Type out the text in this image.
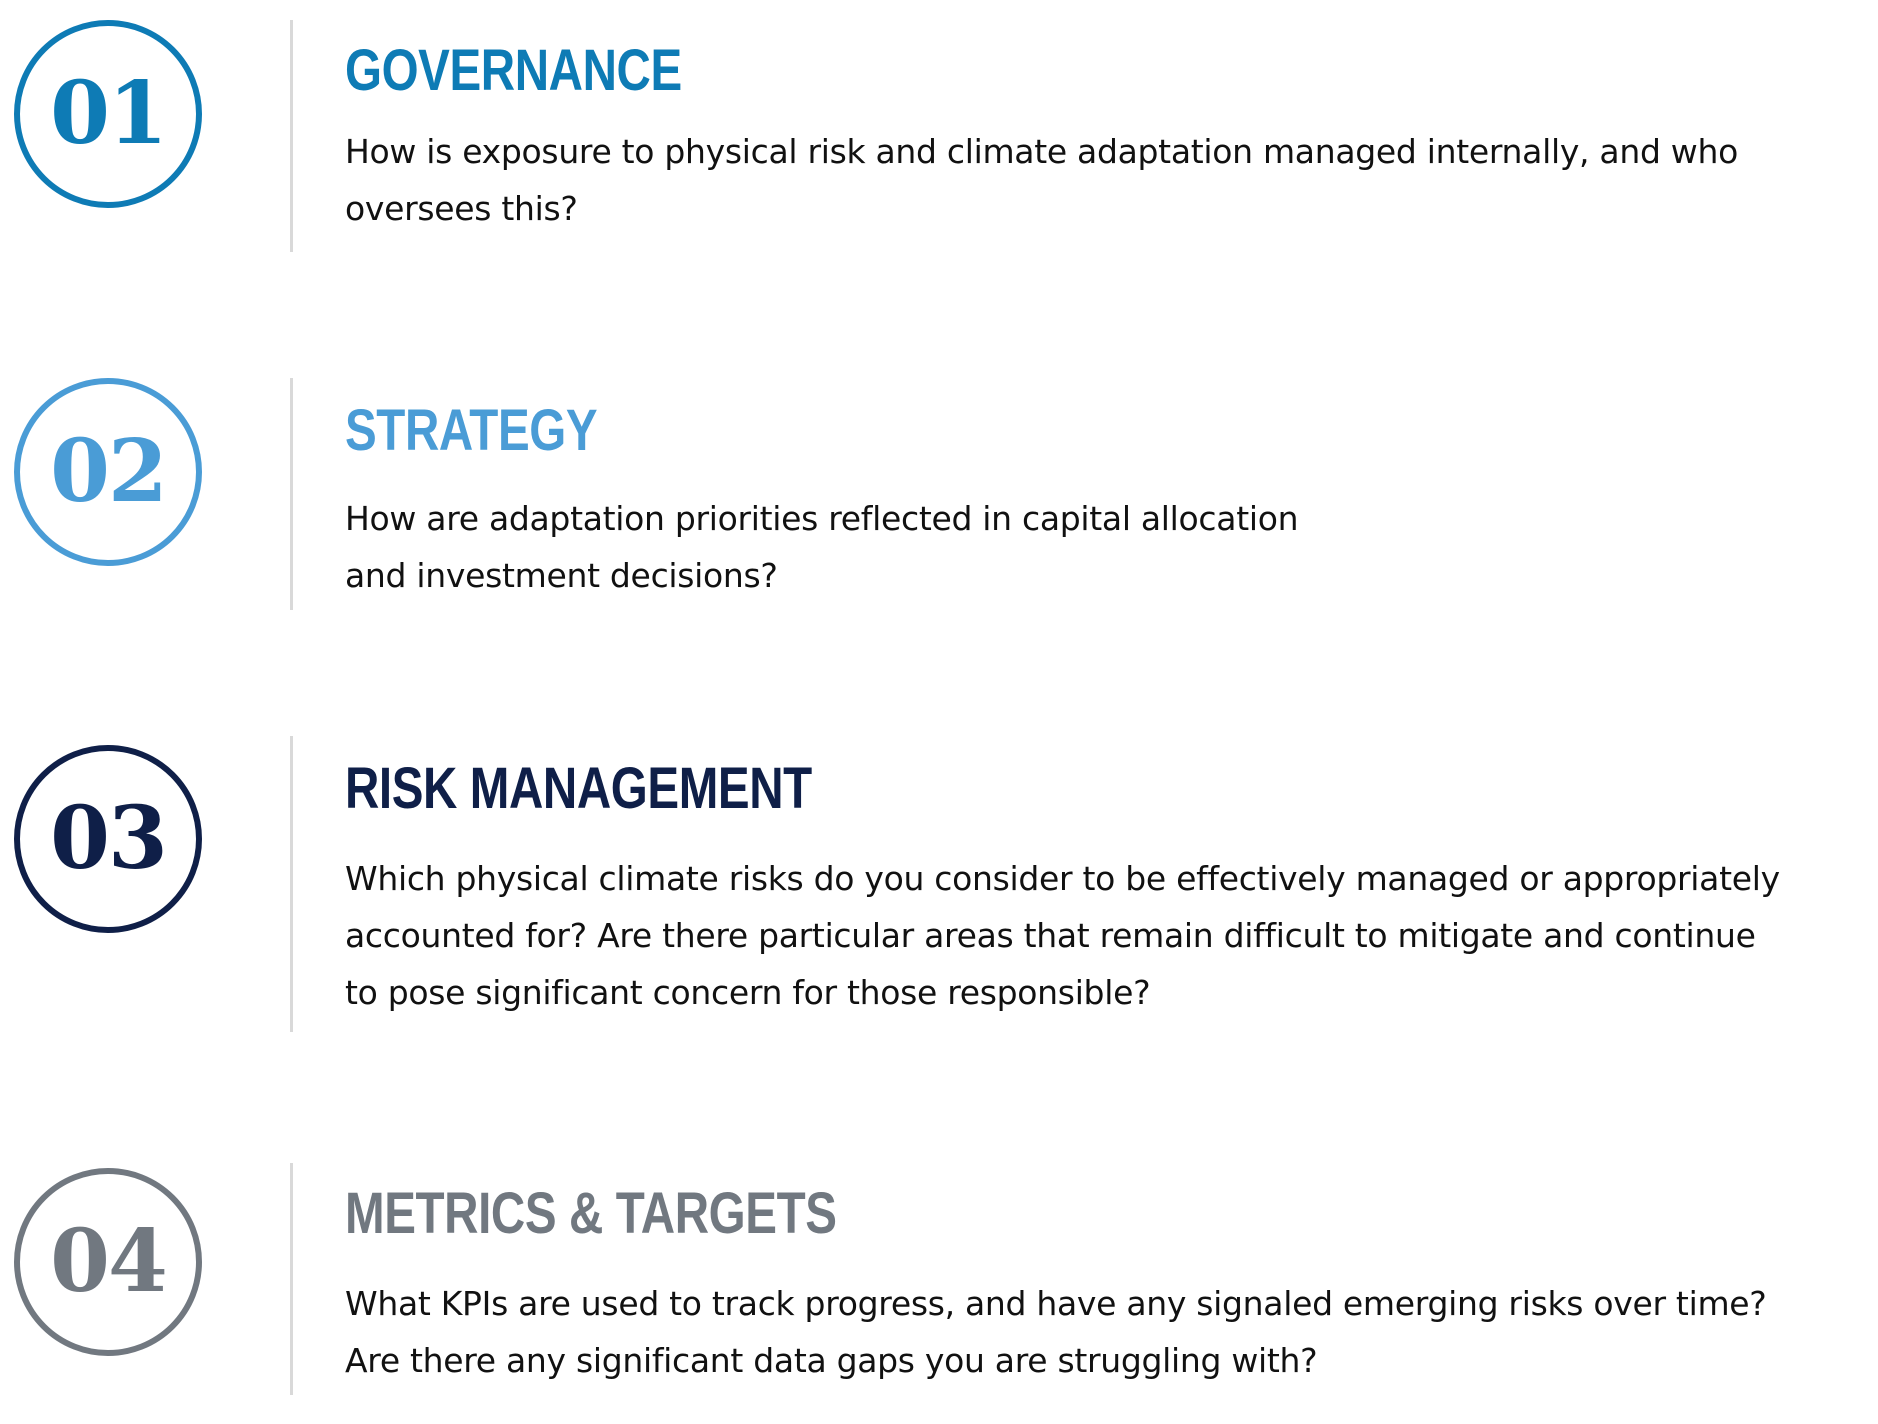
01	GOVERNANCE

How is exposure to physical risk and climate adaptation managed internally, and who
oversees this?

02	STRATEGY

How are adaptation priorities reflected in capital allocation
and investment decisions?

03	RISK MANAGEMENT

Which physical climate risks do you consider to be effectively managed or appropriately
accounted for? Are there particular areas that remain difficult to mitigate and continue
to pose significant concern for those responsible?

04	METRICS & TARGETS

What KPIs are used to track progress, and have any signaled emerging risks over time?
Are there any significant data gaps you are struggling with?
